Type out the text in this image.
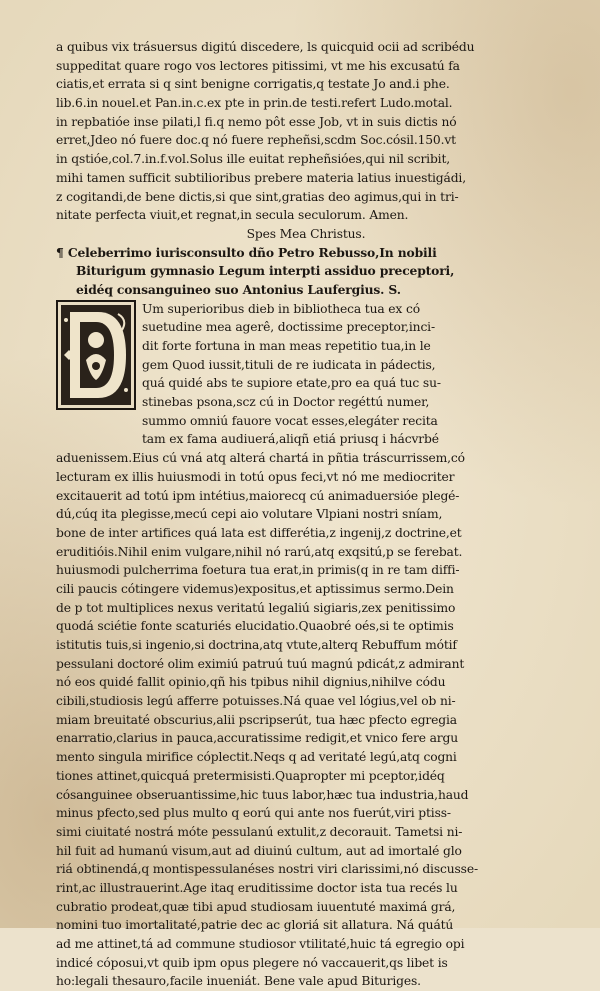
a quibus vix trásuersus digitú discedere, ls quicquid ocii ad scribédu
suppeditat quare rogo vos lectores pitissimi, vt me his excusatú fa
ciatis,et errata si q sint benigne corrigatis,q testate Jo and.i phe.
lib.6.in nouel.et Pan.in.c.ex pte in prin.de testi.refert Ludo.motal.
in repbatióe inse pilati,l fi.q nemo pôt esse Job, vt in suis dictis nó
erret,Jdeo nó fuere doc.q nó fuere repheñsi,scdm Soc.cósil.150.vt
in qstióe,col.7.in.f.vol.Solus ille euitat repheñsióes,qui nil scribit,
mihi tamen sufficit subtilioribus prebere materia latius inuestigádi,
z cogitandi,de bene dictis,si que sint,gratias deo agimus,qui in tri-
nitate perfecta viuit,et regnat,in secula seculorum. Amen.
Spes Mea Christus.
¶ Celeberrimo iurisconsulto dño Petro Rebusso,In nobili
Biturigum gymnasio Legum interpti assiduo preceptori,
eidéq consanguineo suo Antonius Laufergius. S.
Um superioribus dieb in bibliotheca tua ex có
suetudine mea agerê, doctissime preceptor,inci-
dit forte fortuna in man meas repetitio tua,in le
gem Quod iussit,tituli de re iudicata in pádectis,
quá quidé abs te supiore etate,pro ea quá tuc su-
stinebas psona,scz cú in Doctor regéttú numer,
summo omniú fauore vocat esses,elegáter recita
tam ex fama audiuerá,aliqñ etiá priusq i hácvrbé
aduenissem.Eius cú vná atq alterá chartá in pñtia tráscurrissem,có
lecturam ex illis huiusmodi in totú opus feci,vt nó me mediocriter
excitauerit ad totú ipm intétius,maiorecq cú animaduersióe plegé-
dú,cúq ita plegisse,mecú cepi aio volutare Vlpiani nostri sníam,
bone de inter artifices quá lata est differétia,z ingenij,z doctrine,et
eruditióis.Nihil enim vulgare,nihil nó rarú,atq exqsitú,p se ferebat.
huiusmodi pulcherrima foetura tua erat,in primis(q in re tam diffi-
cili paucis cótingere videmus)expositus,et aptissimus sermo.Dein
de p tot multiplices nexus veritatú legaliú sigiaris,zex penitissimo
quodá sciétie fonte scaturiés elucidatio.Quaobré oés,si te optimis
istitutis tuis,si ingenio,si doctrina,atq vtute,alterq Rebuffum mótif
pessulani doctoré olim eximiú patruú tuú magnú pdicát,z admirant
nó eos quidé fallit opinio,qñ his tpibus nihil dignius,nihilve códu
cibili,studiosis legú afferre potuisses.Ná quae vel lógius,vel ob ni-
miam breuitaté obscurius,alii pscripserút, tua hæc pfecto egregia
enarratio,clarius in pauca,accuratissime redigit,et vnico fere argu
mento singula mirifice cóplectit.Neqs q ad veritaté legú,atq cogni
tiones attinet,quicquá pretermisisti.Quapropter mi pceptor,idéq
cósanguinee obseruantissime,hic tuus labor,hæc tua industria,haud
minus pfecto,sed plus multo q eorú qui ante nos fuerút,viri ptiss-
simi ciuitaté nostrá móte pessulanú extulit,z decorauit. Tametsi ni-
hil fuit ad humanú visum,aut ad diuinú cultum, aut ad imortalé glo
riá obtinendá,q montispessulanéses nostri viri clarissimi,nó discusse-
rint,ac illustrauerint.Age itaq eruditissime doctor ista tua recés lu
cubratio prodeat,quæ tibi apud studiosam iuuentuté maximá grá,
nomini tuo imortalitaté,patrie dec ac gloriá sit allatura. Ná quátú
ad me attinet,tá ad commune studiosor vtilitaté,huic tá egregio opi
indicé cóposui,vt quib ipm opus plegere nó vaccauerit,qs libet is
ho:legali thesauro,facile inueniát. Bene vale apud Bituriges.
